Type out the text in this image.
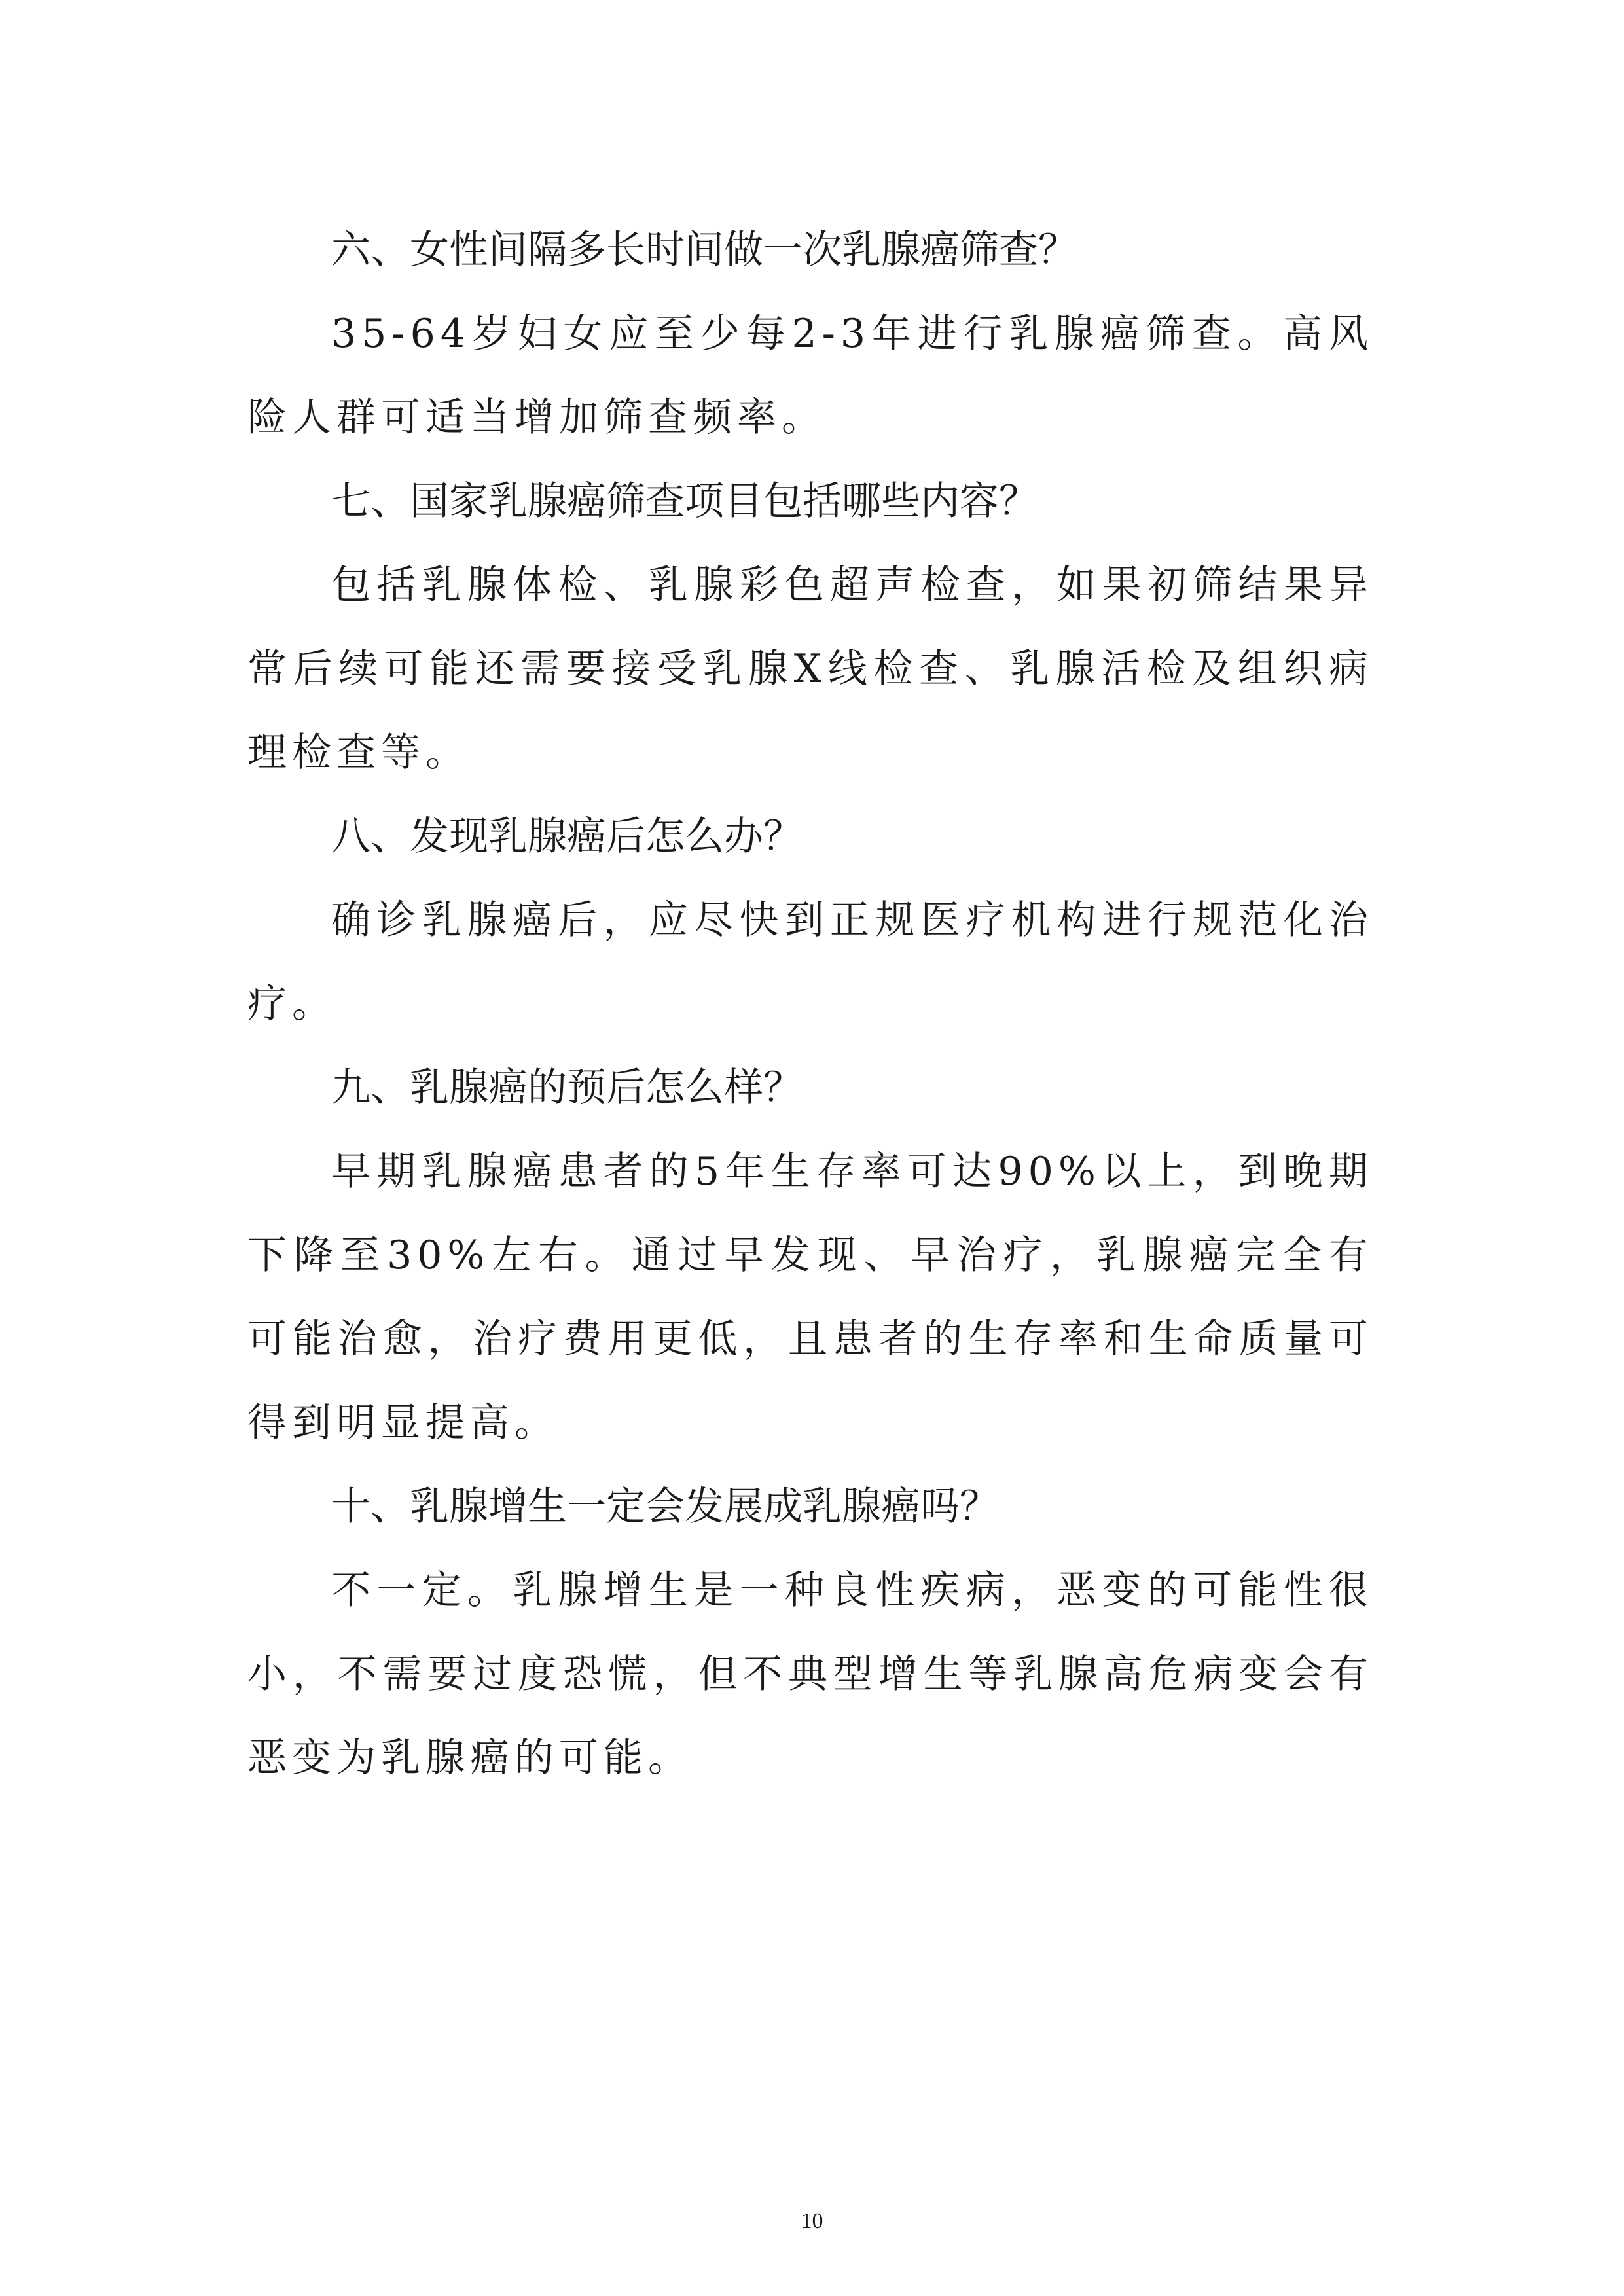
六、女性间隔多长时间做一次乳腺癌筛查？

35-64岁妇女应至少每2-3年进行乳腺癌筛查。高风险人群可适当增加筛查频率。

七、国家乳腺癌筛查项目包括哪些内容？

包括乳腺体检、乳腺彩色超声检查，如果初筛结果异常后续可能还需要接受乳腺X线检查、乳腺活检及组织病理检查等。

八、发现乳腺癌后怎么办？

确诊乳腺癌后，应尽快到正规医疗机构进行规范化治疗。

九、乳腺癌的预后怎么样？

早期乳腺癌患者的5年生存率可达90%以上，到晚期下降至30%左右。通过早发现、早治疗，乳腺癌完全有可能治愈，治疗费用更低，且患者的生存率和生命质量可得到明显提高。

十、乳腺增生一定会发展成乳腺癌吗？

不一定。乳腺增生是一种良性疾病，恶变的可能性很小，不需要过度恐慌，但不典型增生等乳腺高危病变会有恶变为乳腺癌的可能。

10
